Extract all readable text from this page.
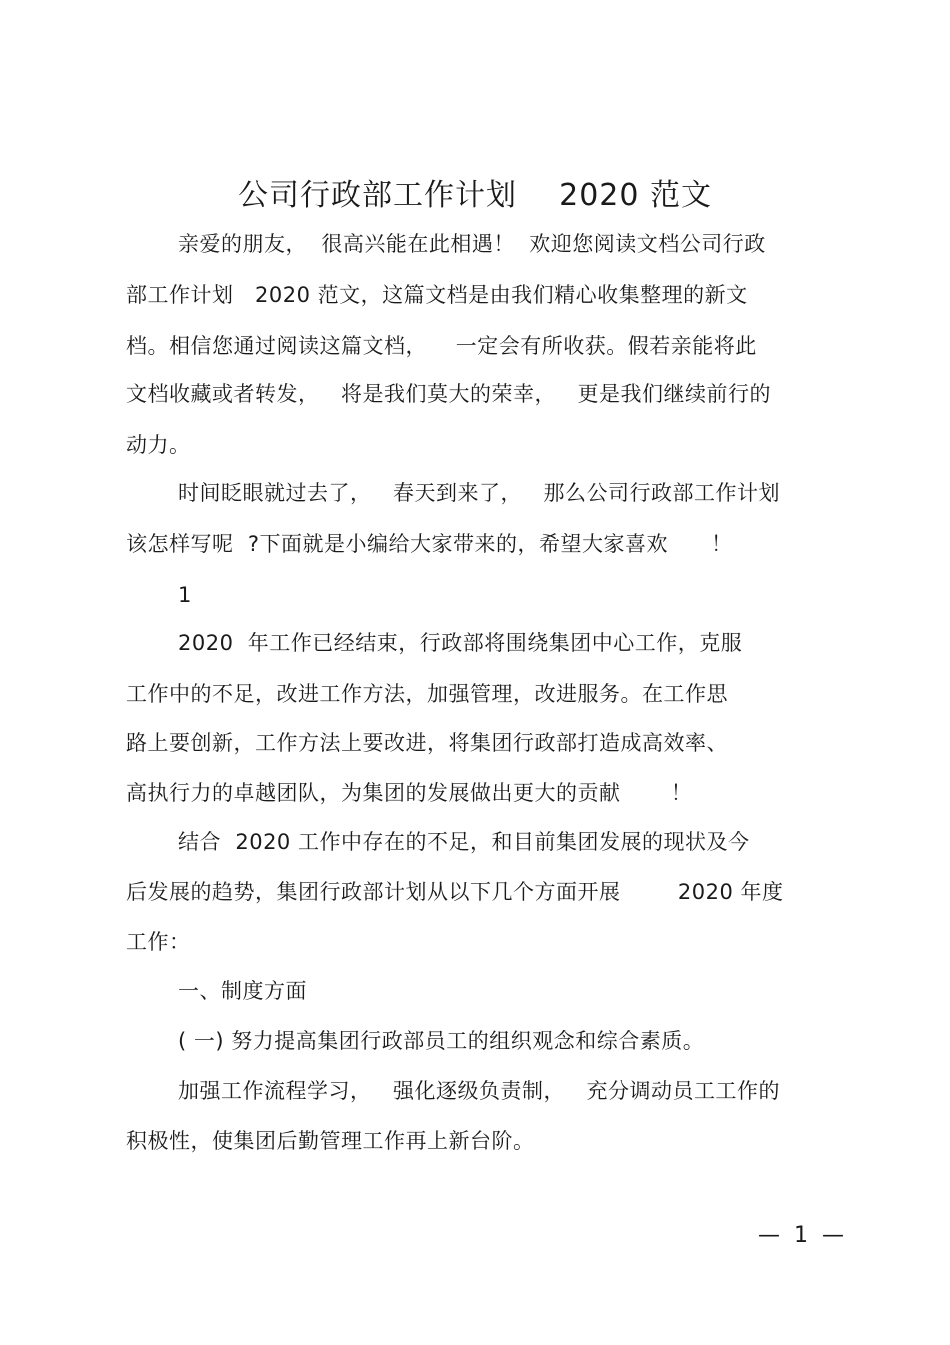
公司行政部工作计划    2020 范文
亲爱的朋友，  很高兴能在此相遇！  欢迎您阅读文档公司行政
部工作计划   2020 范文，这篇文档是由我们精心收集整理的新文
档。相信您通过阅读这篇文档，    一定会有所收获。假若亲能将此
文档收藏或者转发，   将是我们莫大的荣幸，   更是我们继续前行的
动力。
时间眨眼就过去了，   春天到来了，   那么公司行政部工作计划
该怎样写呢  ?下面就是小编给大家带来的，希望大家喜欢      ！
1
2020  年工作已经结束，行政部将围绕集团中心工作，克服
工作中的不足，改进工作方法，加强管理，改进服务。在工作思
路上要创新，工作方法上要改进，将集团行政部打造成高效率、
高执行力的卓越团队，为集团的发展做出更大的贡献       ！
结合  2020 工作中存在的不足，和目前集团发展的现状及今
后发展的趋势，集团行政部计划从以下几个方面开展        2020 年度
工作：
一、制度方面
( 一) 努力提高集团行政部员工的组织观念和综合素质。
加强工作流程学习，   强化逐级负责制，   充分调动员工工作的
积极性，使集团后勤管理工作再上新台阶。
—  1  —
